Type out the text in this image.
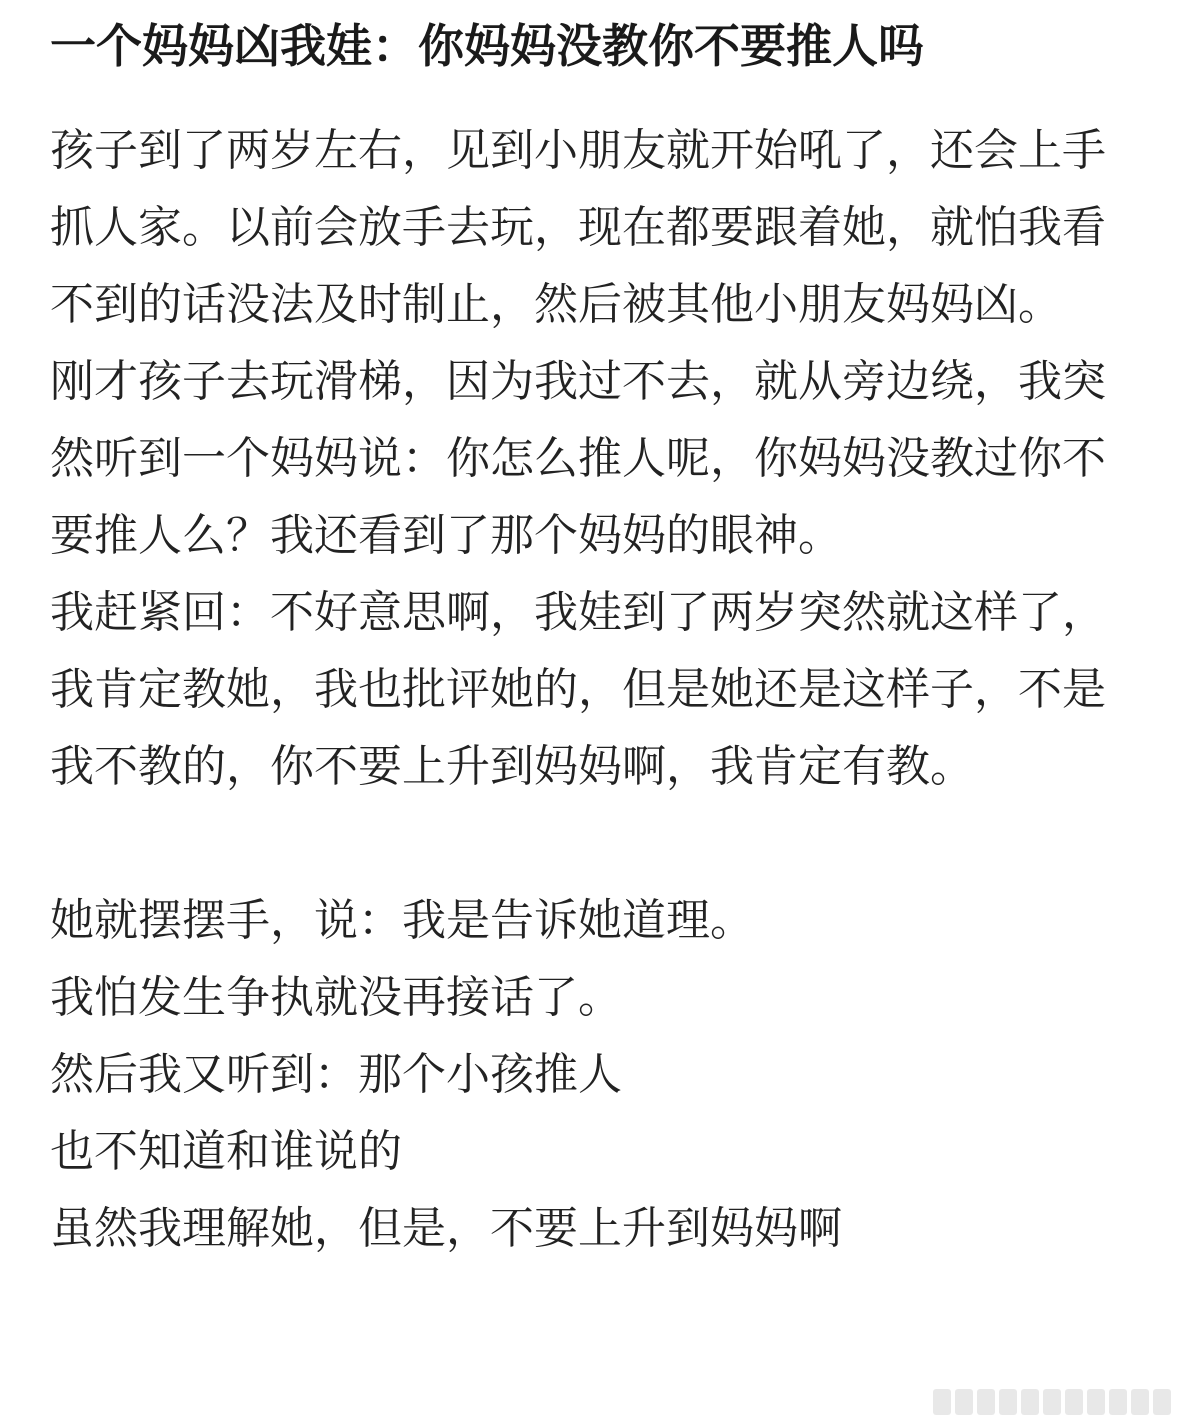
一个妈妈凶我娃：你妈妈没教你不要推人吗

孩子到了两岁左右，见到小朋友就开始吼了，还会上手抓人家。以前会放手去玩，现在都要跟着她，就怕我看不到的话没法及时制止，然后被其他小朋友妈妈凶。

刚才孩子去玩滑梯，因为我过不去，就从旁边绕，我突然听到一个妈妈说：你怎么推人呢，你妈妈没教过你不要推人么？我还看到了那个妈妈的眼神。

我赶紧回：不好意思啊，我娃到了两岁突然就这样了，我肯定教她，我也批评她的，但是她还是这样子，不是我不教的，你不要上升到妈妈啊，我肯定有教。

她就摆摆手，说：我是告诉她道理。

我怕发生争执就没再接话了。

然后我又听到：那个小孩推人

也不知道和谁说的

虽然我理解她，但是，不要上升到妈妈啊
